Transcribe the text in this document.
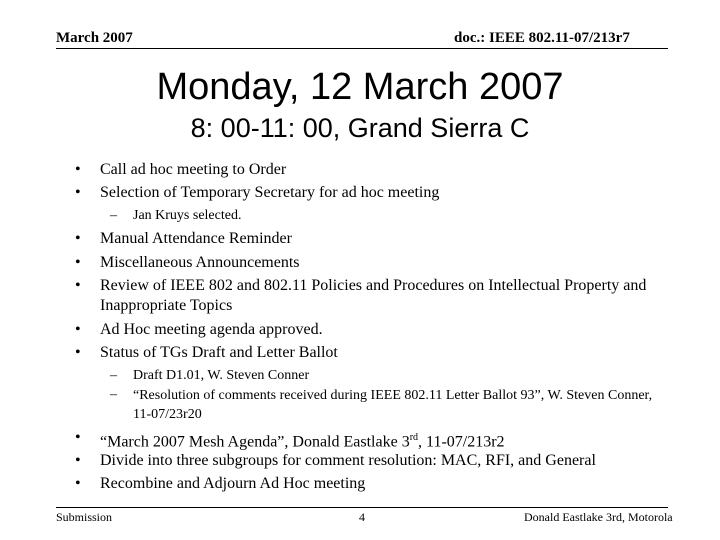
March 2007	doc.: IEEE 802.11-07/213r7
Monday, 12 March 2007
8: 00-11: 00, Grand Sierra C
• Call ad hoc meeting to Order
• Selection of Temporary Secretary for ad hoc meeting
– Jan Kruys selected.
• Manual Attendance Reminder
• Miscellaneous Announcements
• Review of IEEE 802 and 802.11 Policies and Procedures on Intellectual Property and Inappropriate Topics
• Ad Hoc meeting agenda approved.
• Status of TGs Draft and Letter Ballot
– Draft D1.01, W. Steven Conner
– “Resolution of comments received during IEEE 802.11 Letter Ballot 93”, W. Steven Conner, 11-07/23r20
• “March 2007 Mesh Agenda”, Donald Eastlake 3rd, 11-07/213r2
• Divide into three subgroups for comment resolution: MAC, RFI, and General
• Recombine and Adjourn Ad Hoc meeting
Submission	4	Donald Eastlake 3rd, Motorola
